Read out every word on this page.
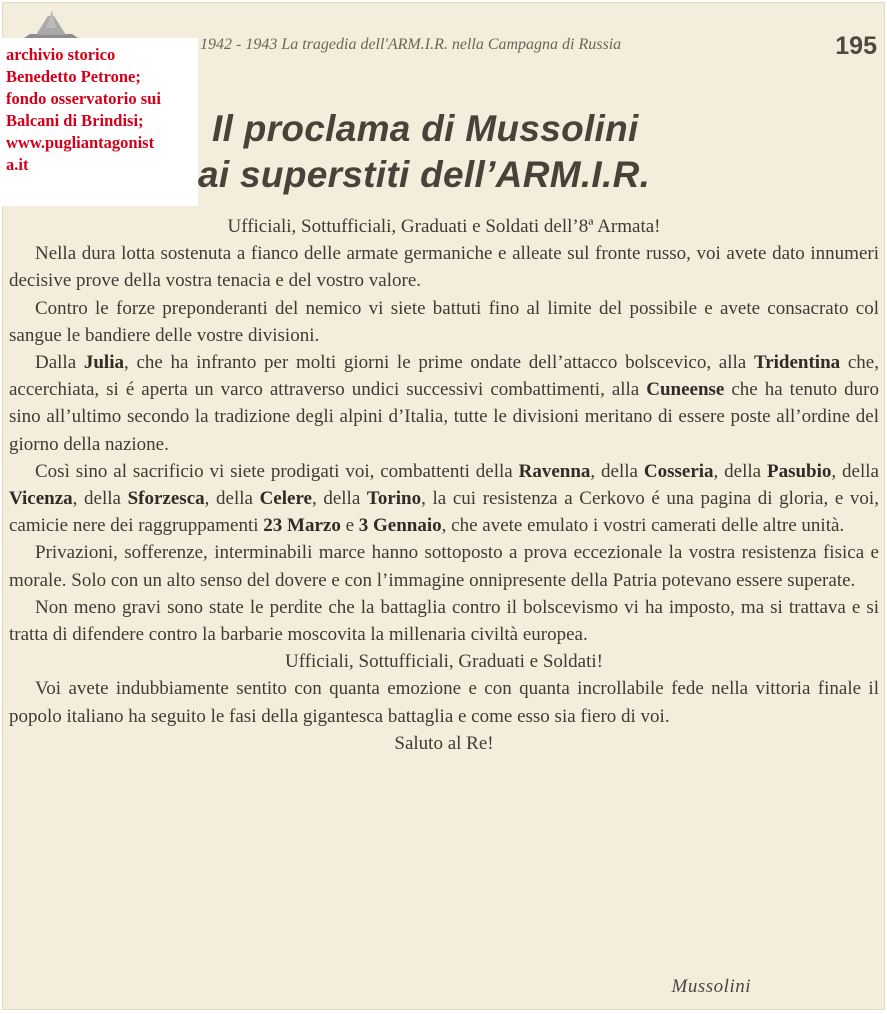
archivio storico
Benedetto Petrone;
fondo osservatorio sui
Balcani di Brindisi;
www.pugliantagonist
a.it
1942 - 1943 La tragedia dell'ARM.I.R. nella Campagna di Russia	195
Il proclama di Mussolini
ai superstiti dell’ARM.I.R.

Ufficiali, Sottufficiali, Graduati e Soldati dell’8ª Armata!

Nella dura lotta sostenuta a fianco delle armate germaniche e alleate sul fronte russo, voi avete dato innumeri decisive prove della vostra tenacia e del vostro valore.

Contro le forze preponderanti del nemico vi siete battuti fino al limite del possibile e avete consacrato col sangue le bandiere delle vostre divisioni.

Dalla Julia, che ha infranto per molti giorni le prime ondate dell’attacco bolscevico, alla Tridentina che, accerchiata, si é aperta un varco attraverso undici successivi combattimenti, alla Cuneense che ha tenuto duro sino all’ultimo secondo la tradizione degli alpini d’Italia, tutte le divisioni meritano di essere poste all’ordine del giorno della nazione.

Così sino al sacrificio vi siete prodigati voi, combattenti della Ravenna, della Cosseria, della Pasubio, della Vicenza, della Sforzesca, della Celere, della Torino, la cui resistenza a Cerkovo é una pagina di gloria, e voi, camicie nere dei raggruppamenti 23 Marzo e 3 Gennaio, che avete emulato i vostri camerati delle altre unità.

Privazioni, sofferenze, interminabili marce hanno sottoposto a prova eccezionale la vostra resistenza fisica e morale. Solo con un alto senso del dovere e con l’immagine onnipresente della Patria potevano essere superate.

Non meno gravi sono state le perdite che la battaglia contro il bolscevismo vi ha imposto, ma si trattava e si tratta di difendere contro la barbarie moscovita la millenaria civiltà europea.

Ufficiali, Sottufficiali, Graduati e Soldati!

Voi avete indubbiamente sentito con quanta emozione e con quanta incrollabile fede nella vittoria finale il popolo italiano ha seguito le fasi della gigantesca battaglia e come esso sia fiero di voi.

Saluto al Re!

Mussolini
